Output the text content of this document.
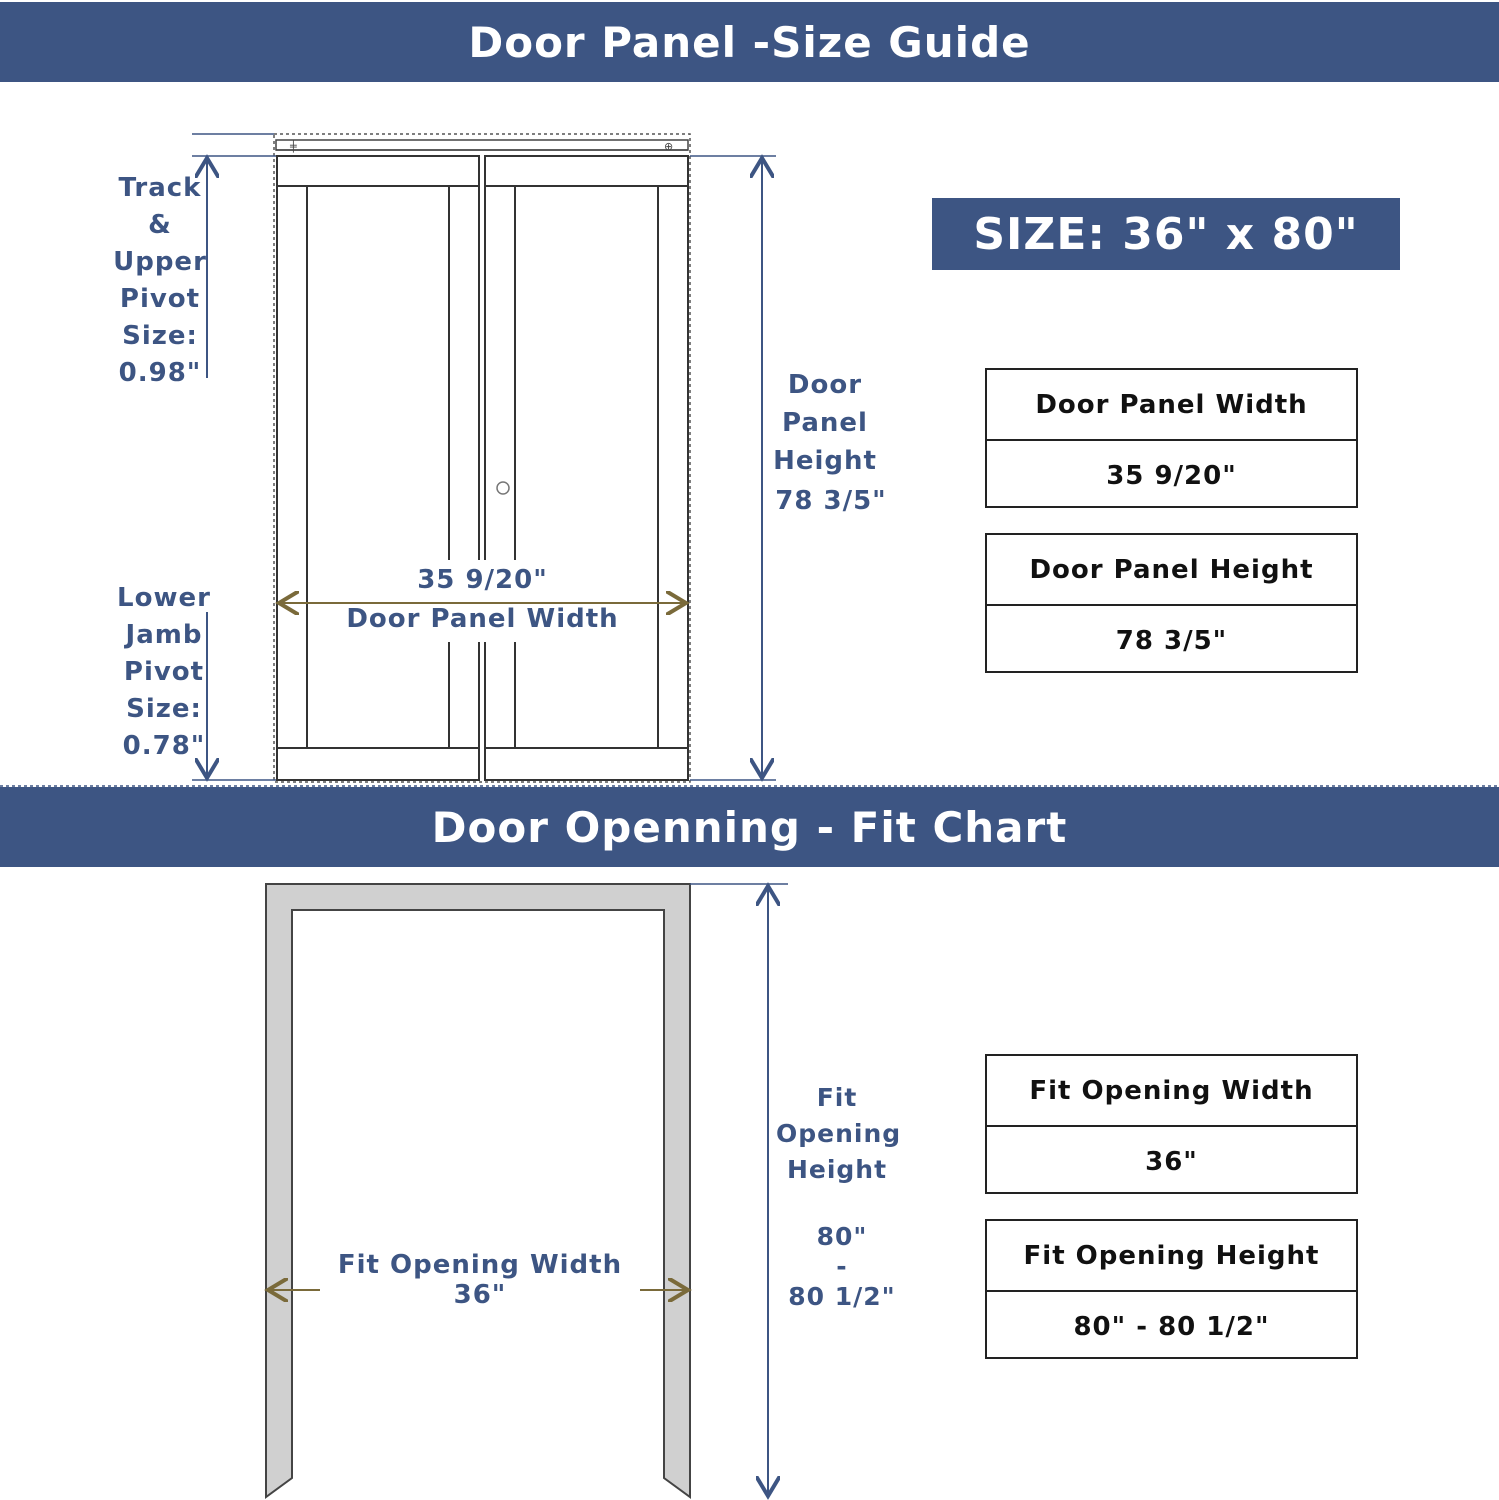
Door Panel -Size Guide
Door Openning - Fit Chart
╪	⊕
Track
&
Upper
Pivot
Size:
0.98"
Lower
Jamb
Pivot
Size:
0.78"
Door
Panel
Height
78 3/5"
35 9/20"
Door Panel Width
SIZE: 36" x 80"
Door Panel Width
35 9/20"
Door Panel Height
78 3/5"
Fit Opening Width 36"
Fit
Opening
Height
80"
-
80 1/2"
Fit Opening Width
36"
Fit Opening Height
80" - 80 1/2"
